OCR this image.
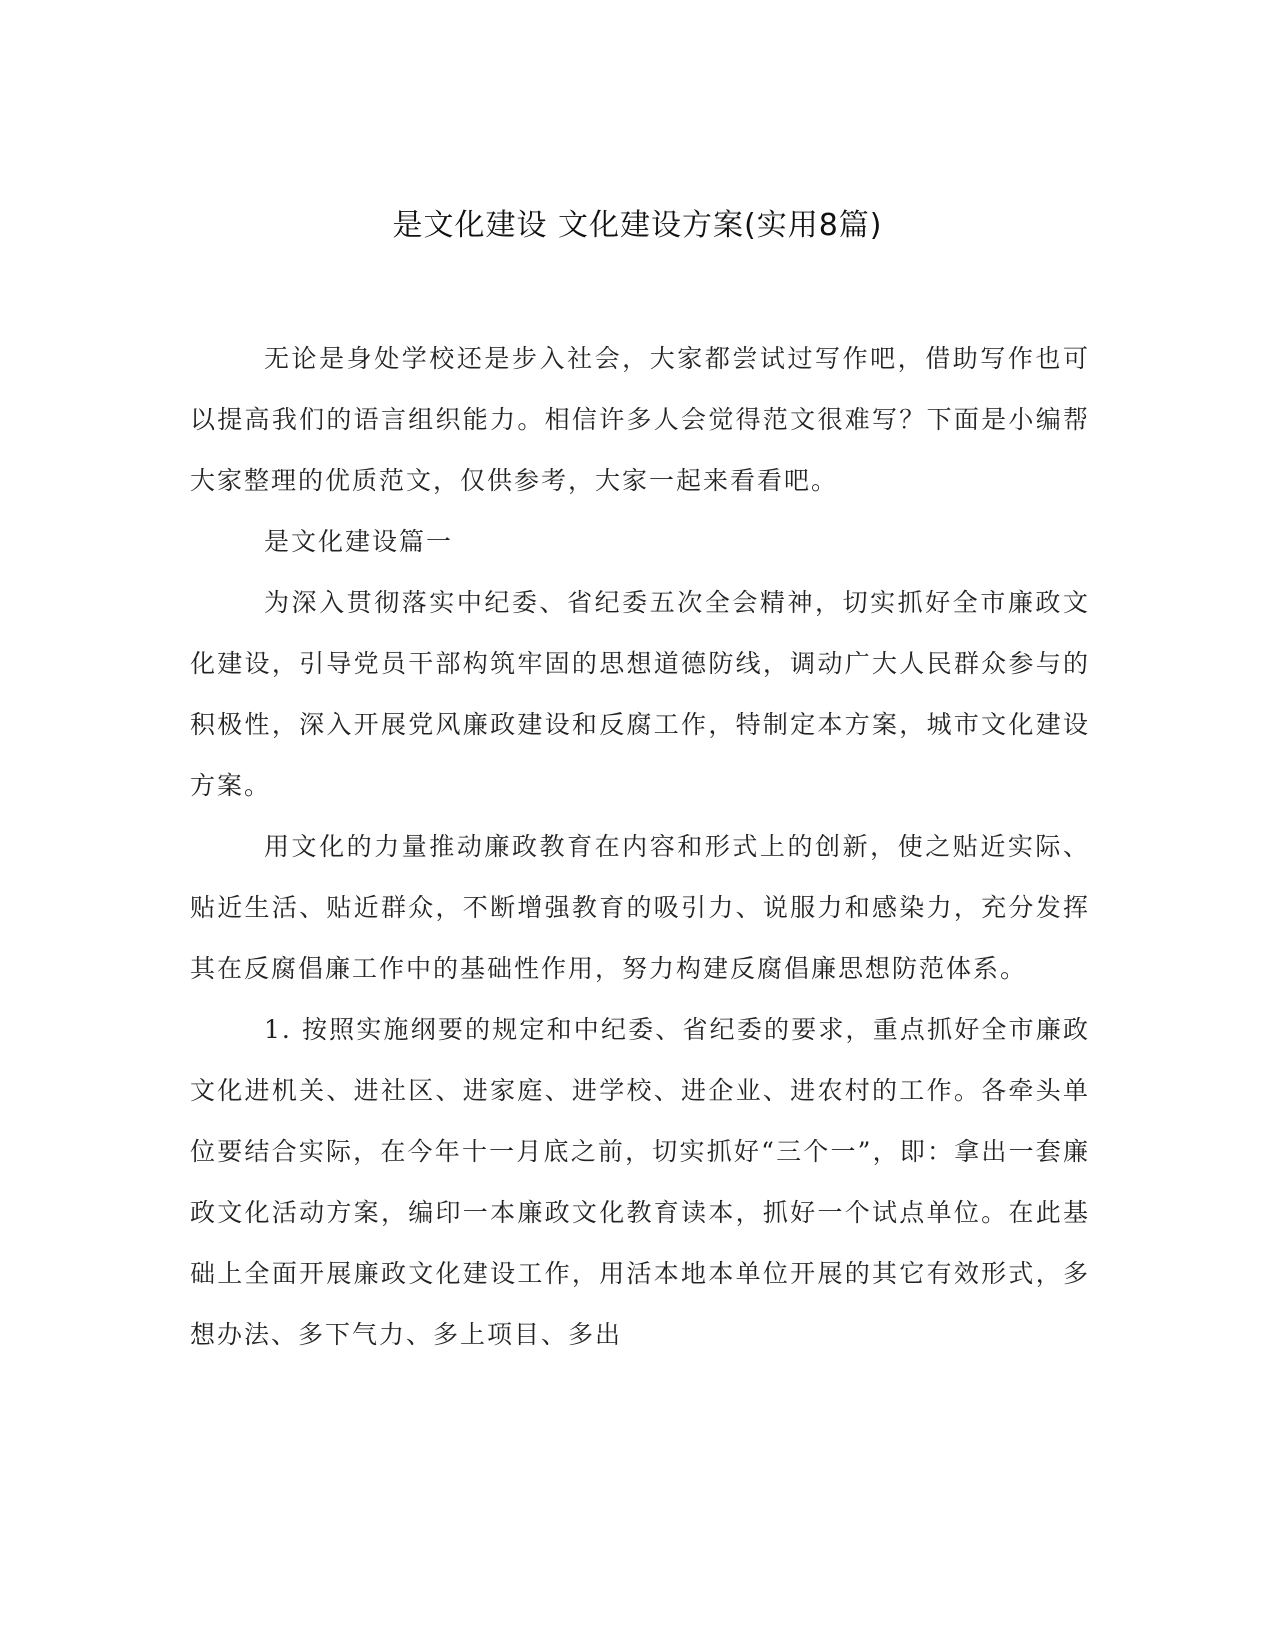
是文化建设 文化建设方案(实用8篇)

无论是身处学校还是步入社会，大家都尝试过写作吧，借助写作也可以提高我们的语言组织能力。相信许多人会觉得范文很难写？下面是小编帮大家整理的优质范文，仅供参考，大家一起来看看吧。

是文化建设篇一

为深入贯彻落实中纪委、省纪委五次全会精神，切实抓好全市廉政文化建设，引导党员干部构筑牢固的思想道德防线，调动广大人民群众参与的积极性，深入开展党风廉政建设和反腐工作，特制定本方案，城市文化建设方案。

用文化的力量推动廉政教育在内容和形式上的创新，使之贴近实际、贴近生活、贴近群众，不断增强教育的吸引力、说服力和感染力，充分发挥其在反腐倡廉工作中的基础性作用，努力构建反腐倡廉思想防范体系。

1. 按照实施纲要的规定和中纪委、省纪委的要求，重点抓好全市廉政文化进机关、进社区、进家庭、进学校、进企业、进农村的工作。各牵头单位要结合实际，在今年十一月底之前，切实抓好“三个一”，即：拿出一套廉政文化活动方案，编印一本廉政文化教育读本，抓好一个试点单位。在此基础上全面开展廉政文化建设工作，用活本地本单位开展的其它有效形式，多想办法、多下气力、多上项目、多出
